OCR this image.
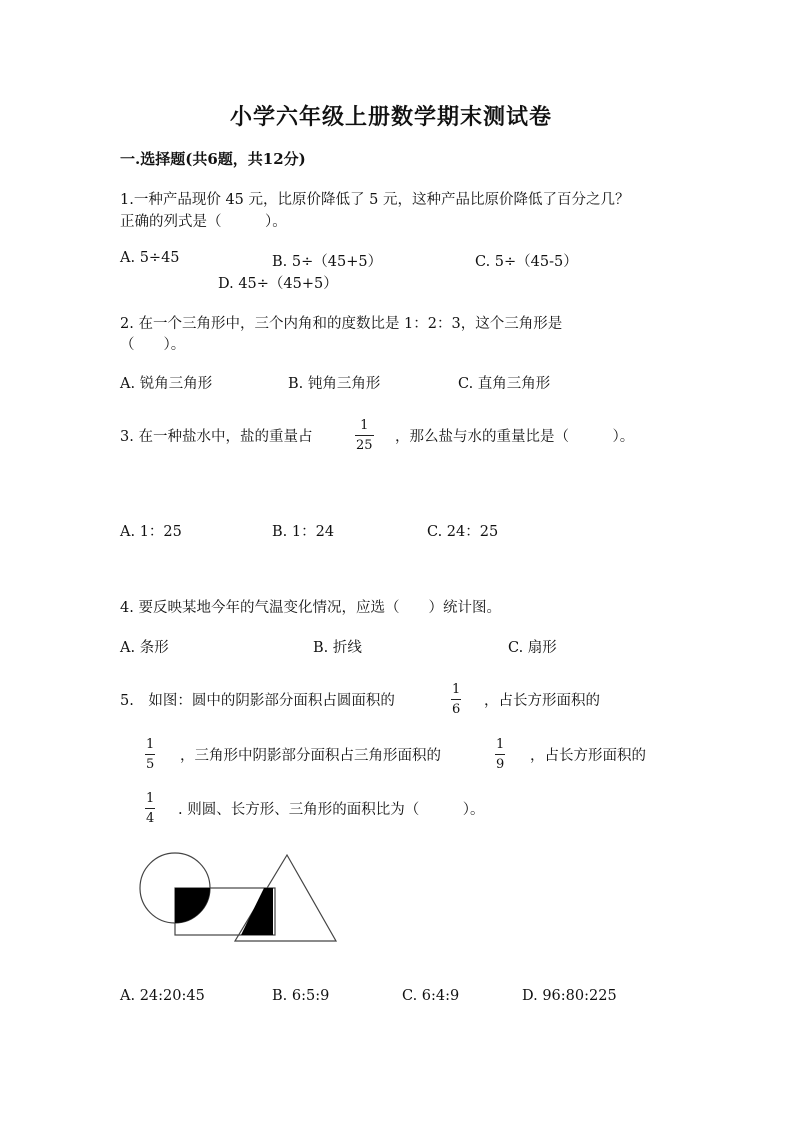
小学六年级上册数学期末测试卷
一.选择题(共6题，共12分)
1.一种产品现价 45 元，比原价降低了 5 元，这种产品比原价降低了百分之几？
正确的列式是（　　　）。
A. 5÷45	B. 5÷（45+5）	C. 5÷（45-5）
D. 45÷（45+5）
2. 在一个三角形中，三个内角和的度数比是 1：2：3，这个三角形是
（　　）。
A. 锐角三角形	B. 钝角三角形	C. 直角三角形
3. 在一种盐水中，盐的重量占
1
25
，那么盐与水的重量比是（　　　）。
A. 1：25	B. 1：24	C. 24：25
4. 要反映某地今年的气温变化情况，应选（　　）统计图。
A. 条形	B. 折线	C. 扇形
5.　如图：圆中的阴影部分面积占圆面积的
1
6
，占长方形面积的
1
5
，三角形中阴影部分面积占三角形面积的
1
9
，占长方形面积的
1
4
. 则圆、长方形、三角形的面积比为（　　　）。
A. 24:20:45	B. 6:5:9	C. 6:4:9	D. 96:80:225
